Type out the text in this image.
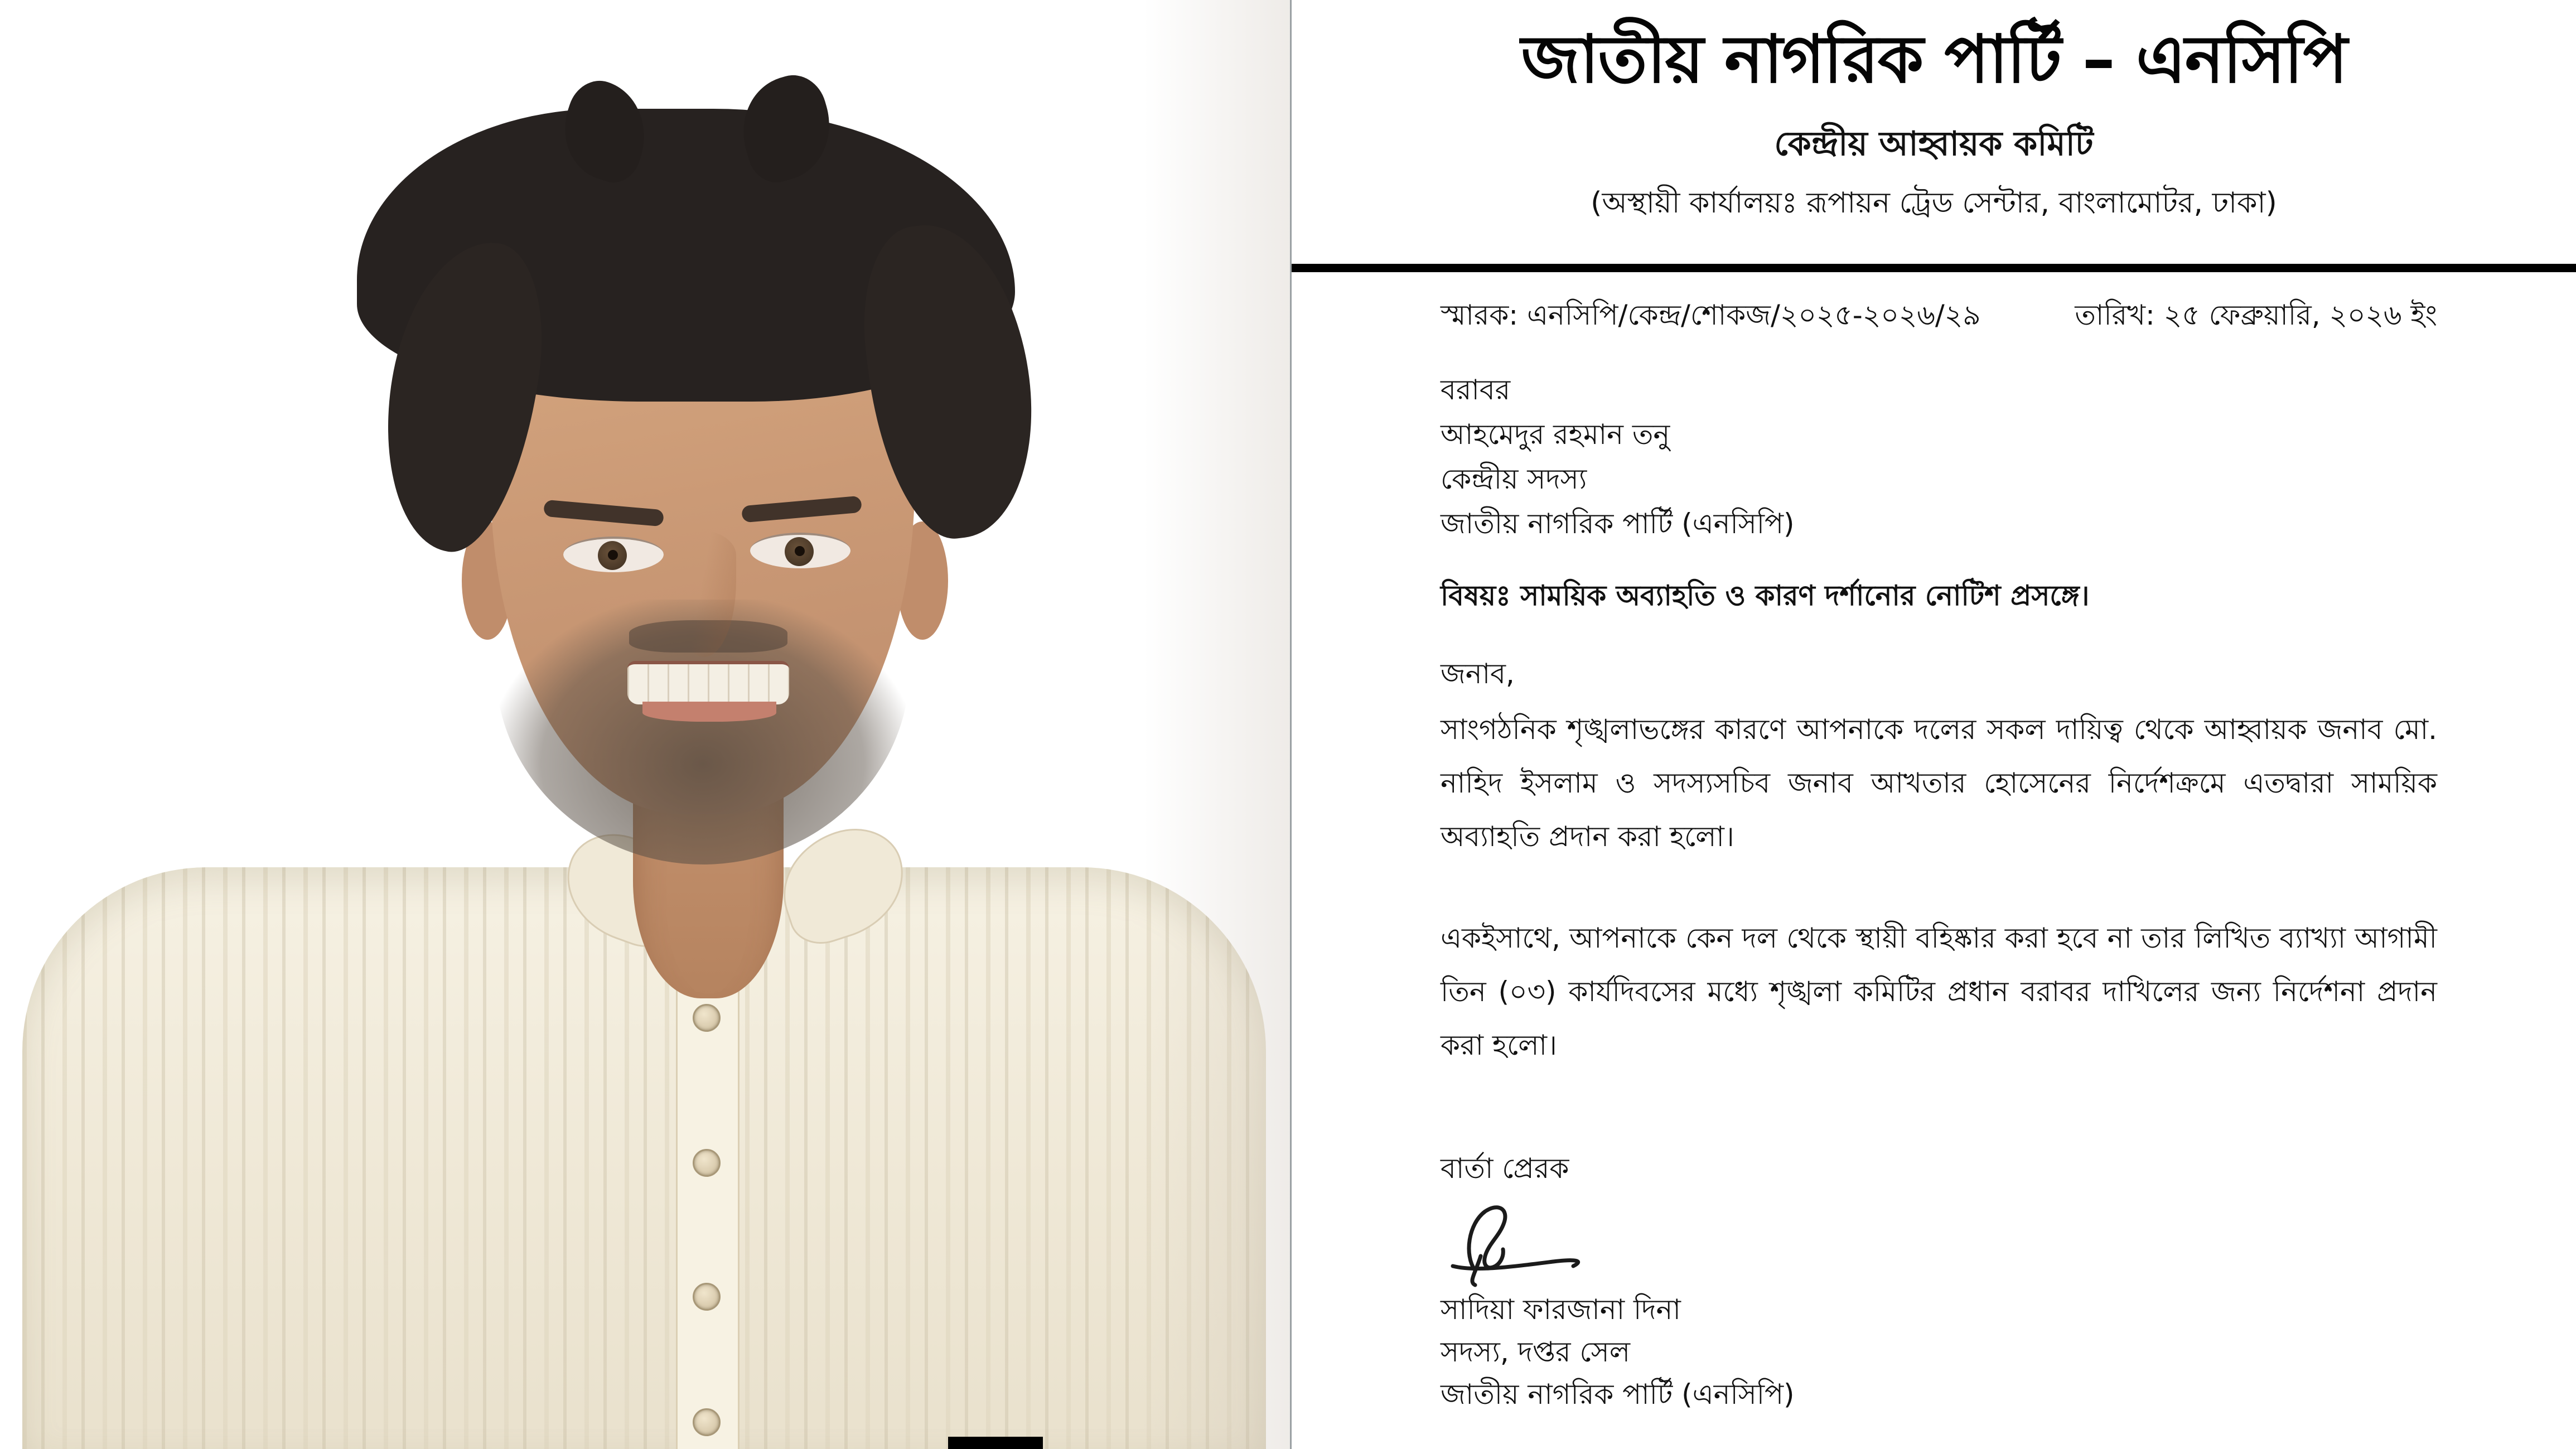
জাতীয় নাগরিক পার্টি – এনসিপি
কেন্দ্রীয় আহ্বায়ক কমিটি
(অস্থায়ী কার্যালয়ঃ রূপায়ন ট্রেড সেন্টার, বাংলামোটর, ঢাকা)
স্মারক: এনসিপি/কেন্দ্র/শোকজ/২০২৫-২০২৬/২৯	তারিখ: ২৫ ফেব্রুয়ারি, ২০২৬ ইং
বরাবর
আহমেদুর রহমান তনু
কেন্দ্রীয় সদস্য
জাতীয় নাগরিক পার্টি (এনসিপি)
বিষয়ঃ সাময়িক অব্যাহতি ও কারণ দর্শানোর নোটিশ প্রসঙ্গে।
জনাব,

সাংগঠনিক শৃঙ্খলাভঙ্গের কারণে আপনাকে দলের সকল দায়িত্ব থেকে আহ্বায়ক জনাব মো. নাহিদ ইসলাম ও সদস্যসচিব জনাব আখতার হোসেনের নির্দেশক্রমে এতদ্বারা সাময়িক অব্যাহতি প্রদান করা হলো।

একইসাথে, আপনাকে কেন দল থেকে স্থায়ী বহিষ্কার করা হবে না তার লিখিত ব্যাখ্যা আগামী তিন (০৩) কার্যদিবসের মধ্যে শৃঙ্খলা কমিটির প্রধান বরাবর দাখিলের জন্য নির্দেশনা প্রদান করা হলো।

বার্তা প্রেরক
সাদিয়া ফারজানা দিনা
সদস্য, দপ্তর সেল
জাতীয় নাগরিক পার্টি (এনসিপি)
